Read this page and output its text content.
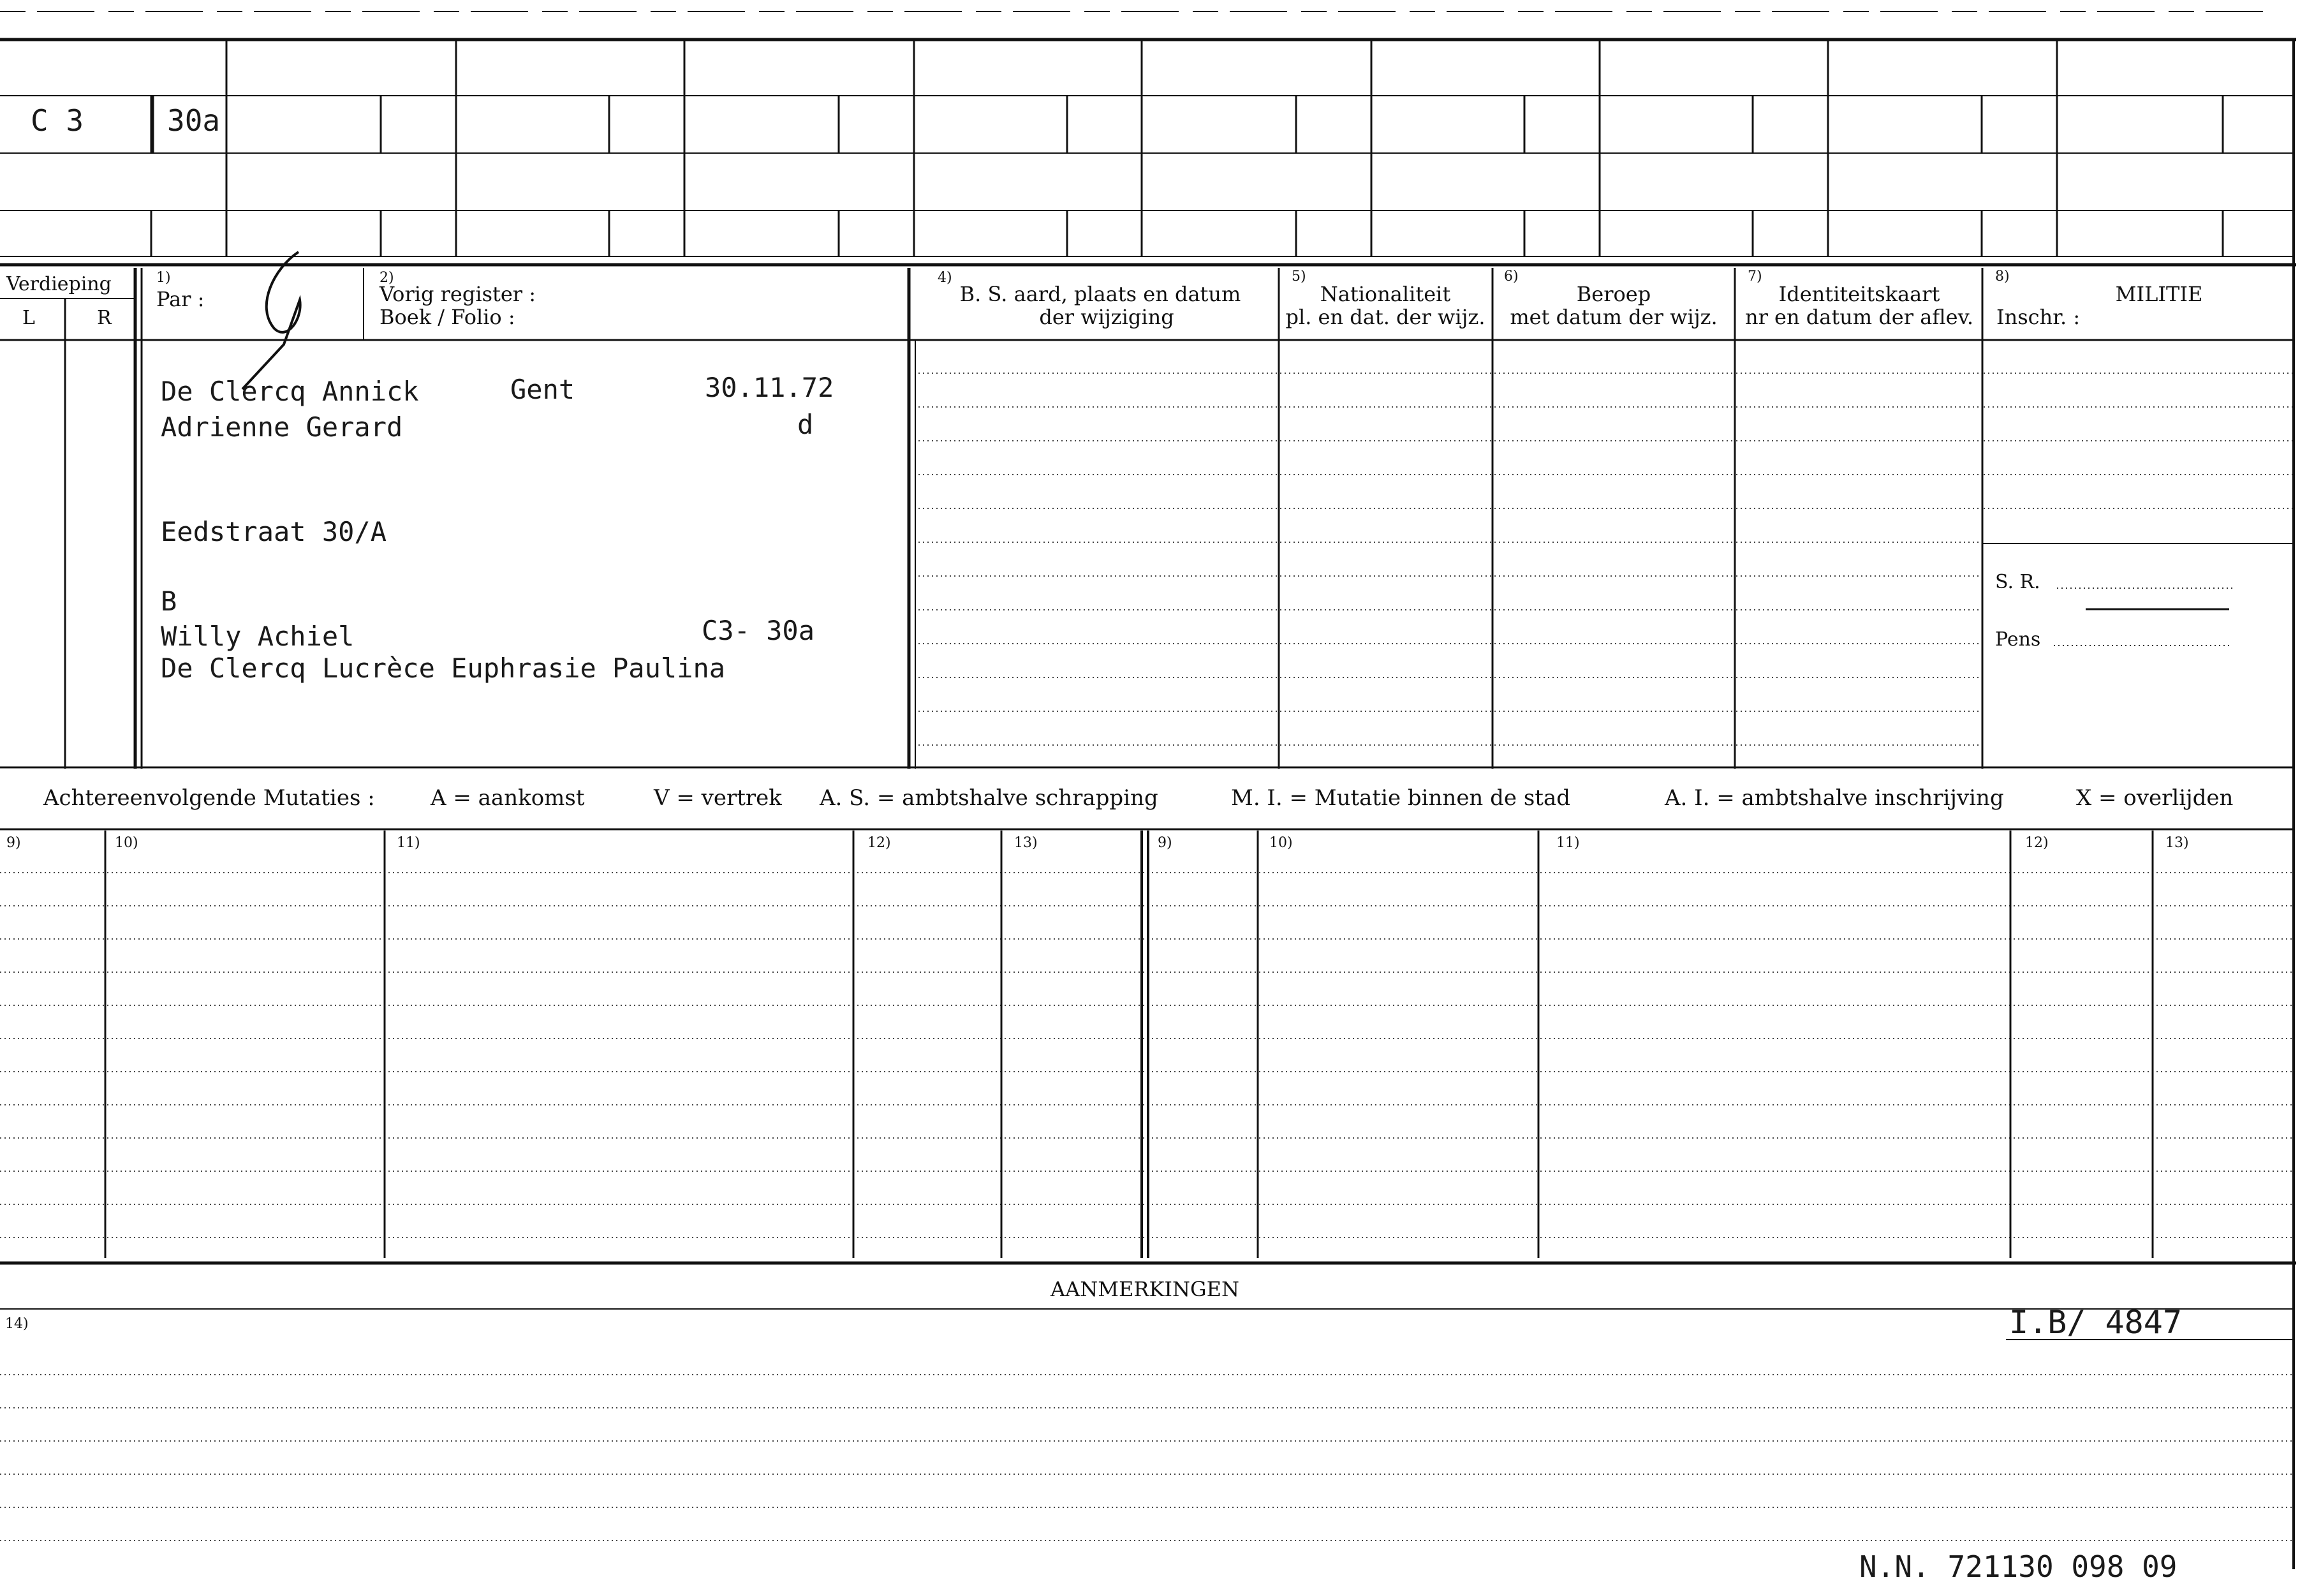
Verdieping
L	R
1)
Par :
2)
Vorig register :
Boek / Folio :
4)
B. S. aard, plaats en datum
der wijziging
5)
Nationaliteit
pl. en dat. der wijz.
6)
Beroep
met datum der wijz.
7)
Identiteitskaart
nr en datum der aflev.
8)
MILITIE
Inschr. :
S. R.
Pens
C 3	30a
De Clercq Annick	Gent	30.11.72
Adrienne Gerard	d
Eedstraat 30/A
B
Willy Achiel	C3- 30a
De Clercq Lucrèce Euphrasie Paulina
Achtereenvolgende Mutaties :	A = aankomst	V = vertrek A. S. = ambtshalve schrapping	M. I. = Mutatie binnen de stad	A. I. = ambtshalve inschrijving	X = overlijden
9)	10)	11)	12)	13)	9)	10)	11)	12)	13)
AANMERKINGEN
14)	I.B/ 4847
N.N. 721130 098 09
